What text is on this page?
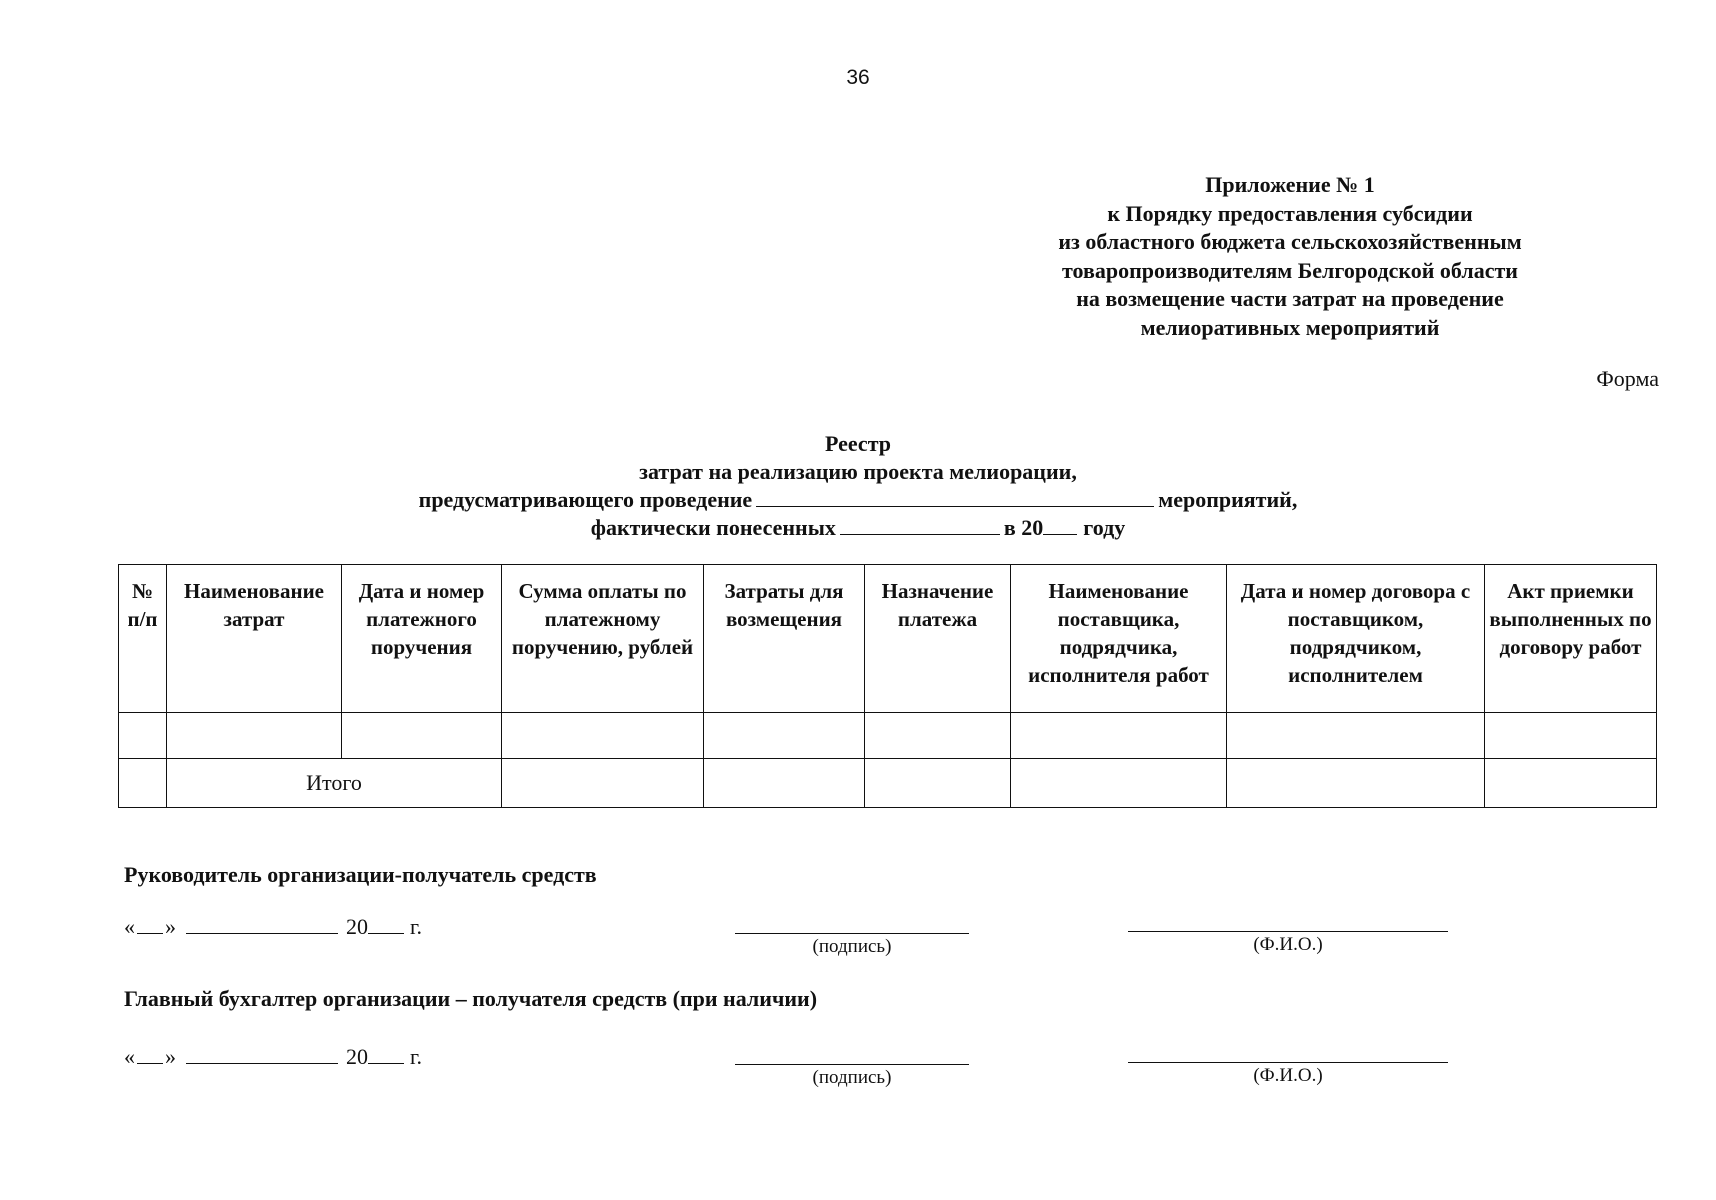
36
Приложение № 1
к Порядку предоставления субсидии
из областного бюджета сельскохозяйственным
товаропроизводителям Белгородской области
на возмещение части затрат на проведение
мелиоративных мероприятий
Форма
Реестр
затрат на реализацию проекта мелиорации,
предусматривающего проведение	мероприятий,
фактически понесенных	в 20 году
№ п/п	Наименование затрат	Дата и номер платежного поручения	Сумма оплаты по платежному поручению, рублей	Затраты для возмещения	Назначение платежа	Наименование поставщика, подрядчика, исполнителя работ	Дата и номер договора с поставщиком, подрядчиком, исполнителем	Акт приемки выполненных по договору работ

	Итого							
Руководитель организации-получатель средств
« »	20 г.
(подпись)	(Ф.И.О.)
Главный бухгалтер организации – получателя средств (при наличии)
« »	20 г.
(подпись)	(Ф.И.О.)
